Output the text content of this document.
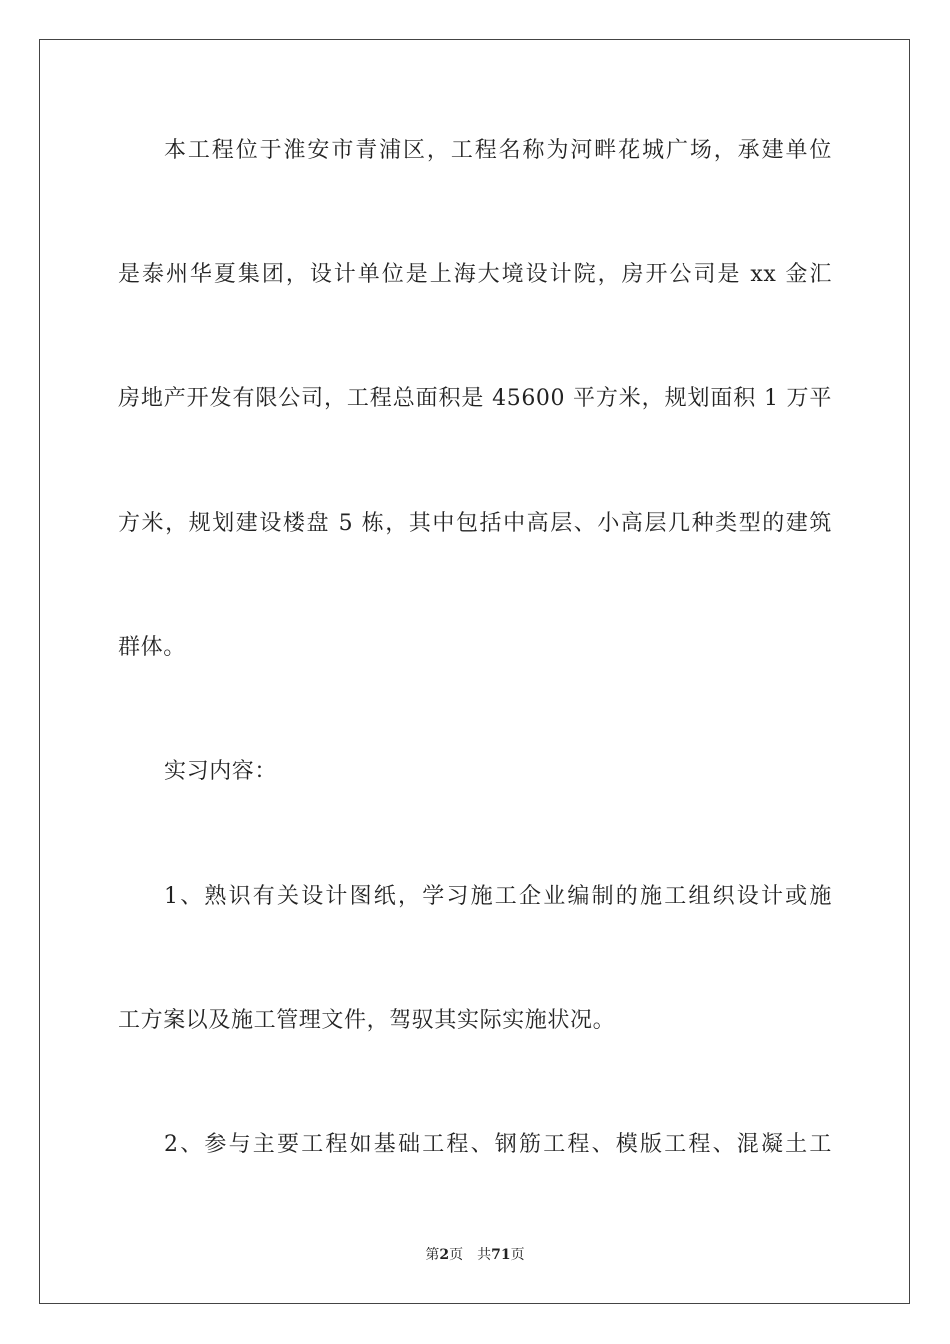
本工程位于淮安市青浦区，工程名称为河畔花城广场，承建单位
是泰州华夏集团，设计单位是上海大境设计院，房开公司是 xx 金汇
房地产开发有限公司，工程总面积是 45600 平方米，规划面积 1 万平
方米，规划建设楼盘 5 栋，其中包括中高层、小高层几种类型的建筑
群体。
实习内容：
1、熟识有关设计图纸，学习施工企业编制的施工组织设计或施
工方案以及施工管理文件，驾驭其实际实施状况。
2、参与主要工程如基础工程、钢筋工程、模版工程、混凝土工
第2页 共71页
